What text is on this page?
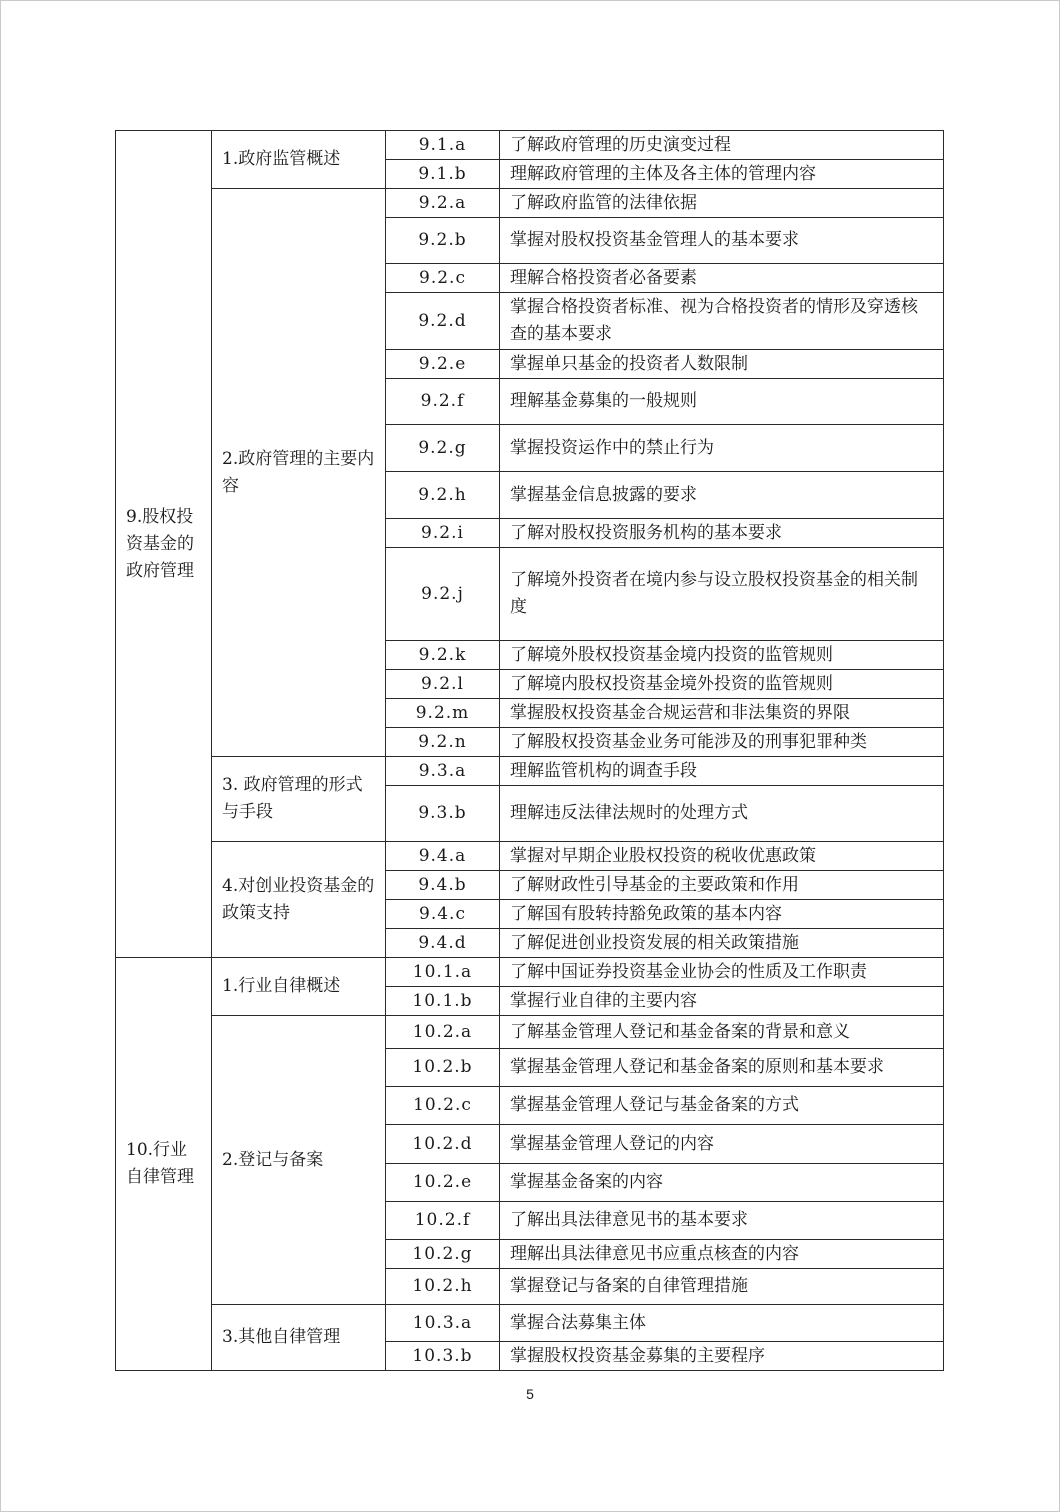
9.股权投资基金的政府管理	1.政府监管概述	9.1.a	了解政府管理的历史演变过程
		9.1.b	理解政府管理的主体及各主体的管理内容
	2.政府管理的主要内容	9.2.a	了解政府监管的法律依据
		9.2.b	掌握对股权投资基金管理人的基本要求
		9.2.c	理解合格投资者必备要素
		9.2.d	掌握合格投资者标准、视为合格投资者的情形及穿透核查的基本要求
		9.2.e	掌握单只基金的投资者人数限制
		9.2.f	理解基金募集的一般规则
		9.2.g	掌握投资运作中的禁止行为
		9.2.h	掌握基金信息披露的要求
		9.2.i	了解对股权投资服务机构的基本要求
		9.2.j	了解境外投资者在境内参与设立股权投资基金的相关制度
		9.2.k	了解境外股权投资基金境内投资的监管规则
		9.2.l	了解境内股权投资基金境外投资的监管规则
		9.2.m	掌握股权投资基金合规运营和非法集资的界限
		9.2.n	了解股权投资基金业务可能涉及的刑事犯罪种类
	3. 政府管理的形式与手段	9.3.a	理解监管机构的调查手段
		9.3.b	理解违反法律法规时的处理方式
	4.对创业投资基金的政策支持	9.4.a	掌握对早期企业股权投资的税收优惠政策
		9.4.b	了解财政性引导基金的主要政策和作用
		9.4.c	了解国有股转持豁免政策的基本内容
		9.4.d	了解促进创业投资发展的相关政策措施
10.行业自律管理	1.行业自律概述	10.1.a	了解中国证券投资基金业协会的性质及工作职责
		10.1.b	掌握行业自律的主要内容
	2.登记与备案	10.2.a	了解基金管理人登记和基金备案的背景和意义
		10.2.b	掌握基金管理人登记和基金备案的原则和基本要求
		10.2.c	掌握基金管理人登记与基金备案的方式
		10.2.d	掌握基金管理人登记的内容
		10.2.e	掌握基金备案的内容
		10.2.f	了解出具法律意见书的基本要求
		10.2.g	理解出具法律意见书应重点核查的内容
		10.2.h	掌握登记与备案的自律管理措施
	3.其他自律管理	10.3.a	掌握合法募集主体
		10.3.b	掌握股权投资基金募集的主要程序
5
